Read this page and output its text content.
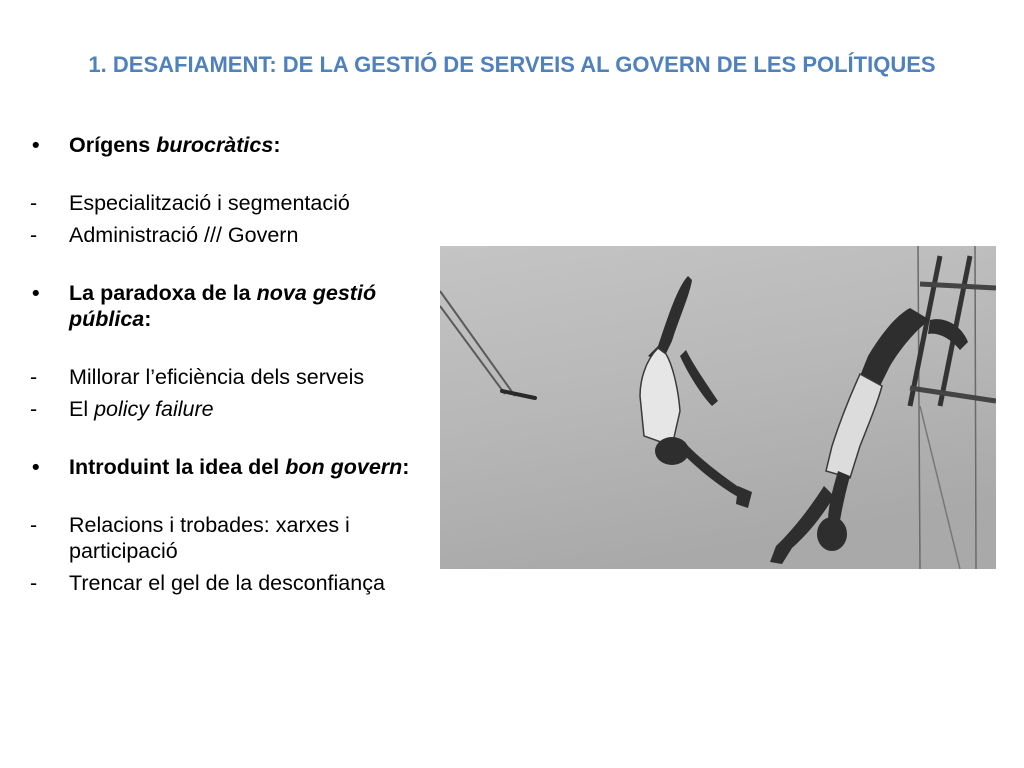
1. DESAFIAMENT: DE LA GESTIÓ DE SERVEIS AL GOVERN DE LES POLÍTIQUES
•	Orígens burocràtics:
-	Especialització i segmentació
-	Administració /// Govern
•	La paradoxa de la nova gestió pública:
-	Millorar l’eficiència dels serveis
-	El policy failure
•	Introduint la idea del bon govern:
-	Relacions i trobades: xarxes i participació
-	Trencar el gel de la desconfiança
